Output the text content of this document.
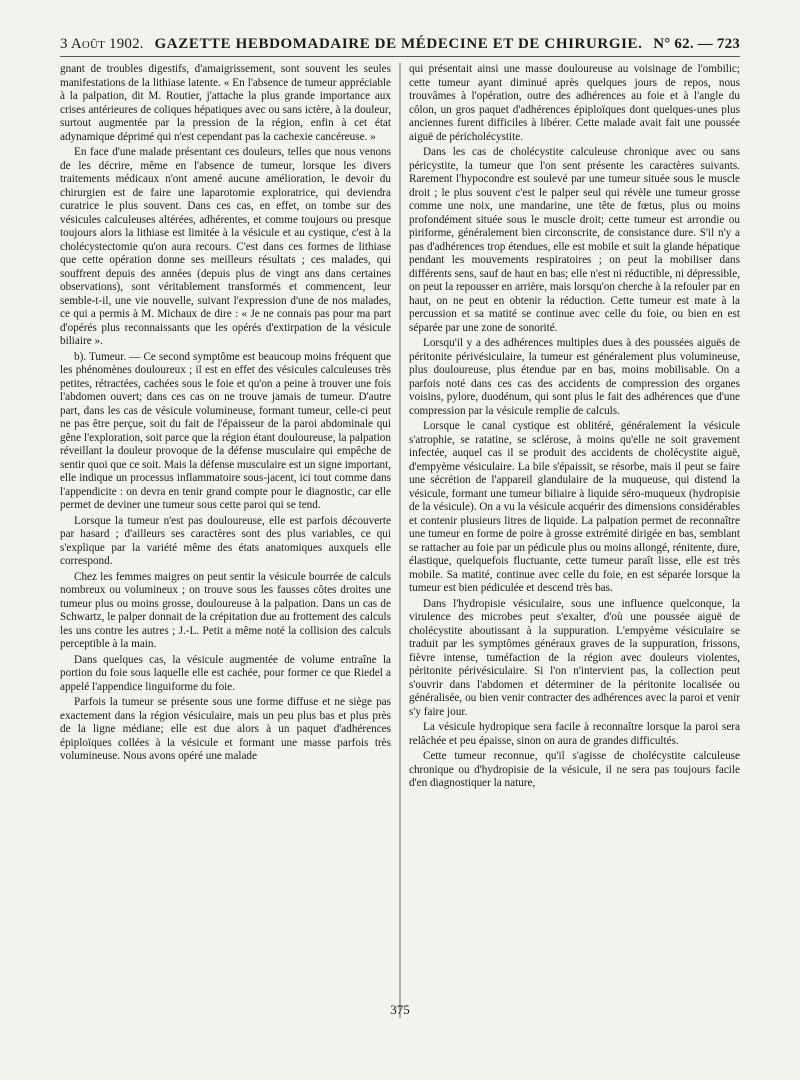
3 Août 1902. GAZETTE HEBDOMADAIRE DE MÉDECINE ET DE CHIRURGIE. N° 62. — 723

gnant de troubles digestifs, d'amaigrissement, sont souvent les seules manifestations de la lithiase latente. « En l'absence de tumeur appréciable à la palpation, dit M. Routier, j'attache la plus grande importance aux crises antérieures de coliques hépatiques avec ou sans ictère, à la douleur, surtout augmentée par la pression de la région, enfin à cet état adynamique déprimé qui n'est cependant pas la cachexie cancéreuse. »

En face d'une malade présentant ces douleurs, telles que nous venons de les décrire, même en l'absence de tumeur, lorsque les divers traitements médicaux n'ont amené aucune amélioration, le devoir du chirurgien est de faire une laparotomie exploratrice, qui deviendra curatrice le plus souvent. Dans ces cas, en effet, on tombe sur des vésicules calculeuses altérées, adhérentes, et comme toujours ou presque toujours alors la lithiase est limitée à la vésicule et au cystique, c'est à la cholécystectomie qu'on aura recours. C'est dans ces formes de lithiase que cette opération donne ses meilleurs résultats ; ces malades, qui souffrent depuis des années (depuis plus de vingt ans dans certaines observations), sont véritablement transformés et commencent, leur semble-t-il, une vie nouvelle, suivant l'expression d'une de nos malades, ce qui a permis à M. Michaux de dire : « Je ne connais pas pour ma part d'opérés plus reconnaissants que les opérés d'extirpation de la vésicule biliaire ».

b). Tumeur. — Ce second symptôme est beaucoup moins fréquent que les phénomènes douloureux ; il est en effet des vésicules calculeuses très petites, rétractées, cachées sous le foie et qu'on a peine à trouver une fois l'abdomen ouvert; dans ces cas on ne trouve jamais de tumeur. D'autre part, dans les cas de vésicule volumineuse, formant tumeur, celle-ci peut ne pas être perçue, soit du fait de l'épaisseur de la paroi abdominale qui gêne l'exploration, soit parce que la région étant douloureuse, la palpation réveillant la douleur provoque de la défense musculaire qui empêche de sentir quoi que ce soit. Mais la défense musculaire est un signe important, elle indique un processus inflammatoire sous-jacent, ici tout comme dans l'appendicite : on devra en tenir grand compte pour le diagnostic, car elle permet de deviner une tumeur sous cette paroi qui se tend.

Lorsque la tumeur n'est pas douloureuse, elle est parfois découverte par hasard ; d'ailleurs ses caractères sont des plus variables, ce qui s'explique par la variété même des états anatomiques auxquels elle correspond.

Chez les femmes maigres on peut sentir la vésicule bourrée de calculs nombreux ou volumineux ; on trouve sous les fausses côtes droites une tumeur plus ou moins grosse, douloureuse à la palpation. Dans un cas de Schwartz, le palper donnait de la crépitation due au frottement des calculs les uns contre les autres ; J.-L. Petit a même noté la collision des calculs perceptible à la main.

Dans quelques cas, la vésicule augmentée de volume entraîne la portion du foie sous laquelle elle est cachée, pour former ce que Riedel a appelé l'appendice linguiforme du foie.

Parfois la tumeur se présente sous une forme diffuse et ne siège pas exactement dans la région vésiculaire, mais un peu plus bas et plus près de la ligne médiane; elle est due alors à un paquet d'adhérences épiploïques collées à la vésicule et formant une masse parfois très volumineuse. Nous avons opéré une malade

qui présentait ainsi une masse douloureuse au voisinage de l'ombilic; cette tumeur ayant diminué après quelques jours de repos, nous trouvâmes à l'opération, outre des adhérences au foie et à l'angle du côlon, un gros paquet d'adhérences épiploïques dont quelques-unes plus anciennes furent difficiles à libérer. Cette malade avait fait une poussée aiguë de péricholécystite.

Dans les cas de cholécystite calculeuse chronique avec ou sans péricystite, la tumeur que l'on sent présente les caractères suivants. Rarement l'hypocondre est soulevé par une tumeur située sous le muscle droit ; le plus souvent c'est le palper seul qui révèle une tumeur grosse comme une noix, une mandarine, une tête de fœtus, plus ou moins profondément située sous le muscle droit; cette tumeur est arrondie ou piriforme, généralement bien circonscrite, de consistance dure. S'il n'y a pas d'adhérences trop étendues, elle est mobile et suit la glande hépatique pendant les mouvements respiratoires ; on peut la mobiliser dans différents sens, sauf de haut en bas; elle n'est ni réductible, ni dépressible, on peut la repousser en arrière, mais lorsqu'on cherche à la refouler par en haut, on ne peut en obtenir la réduction. Cette tumeur est mate à la percussion et sa matité se continue avec celle du foie, ou bien en est séparée par une zone de sonorité.

Lorsqu'il y a des adhérences multiples dues à des poussées aiguës de péritonite périvésiculaire, la tumeur est généralement plus volumineuse, plus douloureuse, plus étendue par en bas, moins mobilisable. On a parfois noté dans ces cas des accidents de compression des organes voisins, pylore, duodénum, qui sont plus le fait des adhérences que d'une compression par la vésicule remplie de calculs.

Lorsque le canal cystique est oblitéré, généralement la vésicule s'atrophie, se ratatine, se sclérose, à moins qu'elle ne soit gravement infectée, auquel cas il se produit des accidents de cholécystite aiguë, d'empyème vésiculaire. La bile s'épaissit, se résorbe, mais il peut se faire une sécrétion de l'appareil glandulaire de la muqueuse, qui distend la vésicule, formant une tumeur biliaire à liquide séro-muqueux (hydropisie de la vésicule). On a vu la vésicule acquérir des dimensions considérables et contenir plusieurs litres de liquide. La palpation permet de reconnaître une tumeur en forme de poire à grosse extrémité dirigée en bas, semblant se rattacher au foie par un pédicule plus ou moins allongé, rénitente, dure, élastique, quelquefois fluctuante, cette tumeur paraît lisse, elle est très mobile. Sa matité, continue avec celle du foie, en est séparée lorsque la tumeur est bien pédiculée et descend très bas.

Dans l'hydropisie vésiculaire, sous une influence quelconque, la virulence des microbes peut s'exalter, d'où une poussée aiguë de cholécystite aboutissant à la suppuration. L'empyème vésiculaire se traduit par les symptômes généraux graves de la suppuration, frissons, fièvre intense, tuméfaction de la région avec douleurs violentes, péritonite périvésiculaire. Si l'on n'intervient pas, la collection peut s'ouvrir dans l'abdomen et déterminer de la péritonite localisée ou généralisée, ou bien venir contracter des adhérences avec la paroi et venir s'y faire jour.

La vésicule hydropique sera facile à reconnaître lorsque la paroi sera relâchée et peu épaisse, sinon on aura de grandes difficultés.

Cette tumeur reconnue, qu'il s'agisse de cholécystite calculeuse chronique ou d'hydropisie de la vésicule, il ne sera pas toujours facile d'en diagnostiquer la nature,

375
